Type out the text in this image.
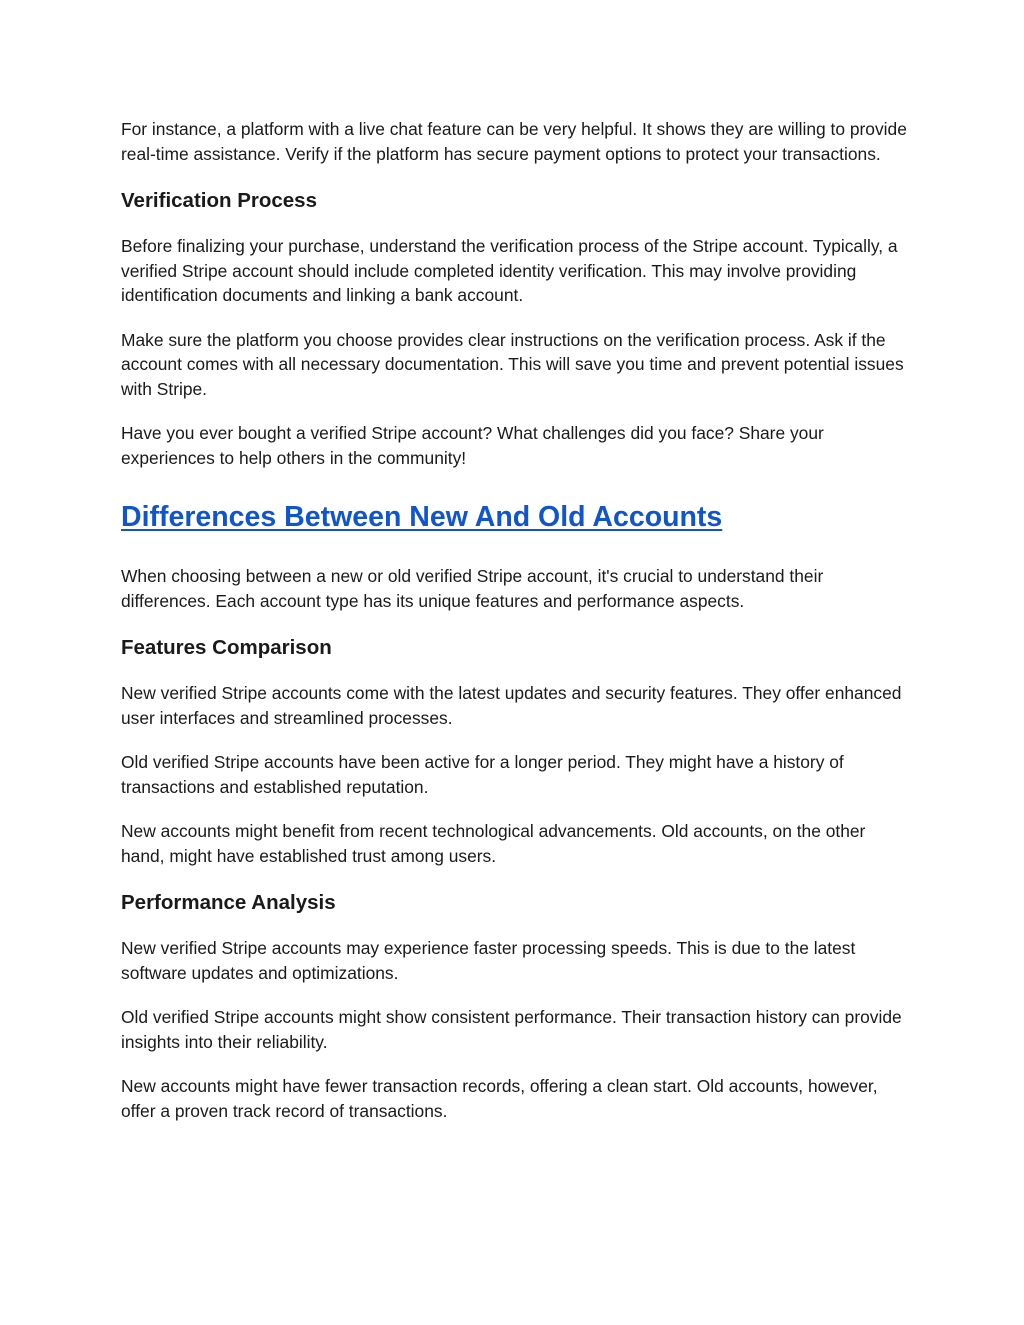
For instance, a platform with a live chat feature can be very helpful. It shows they are willing to provide real-time assistance. Verify if the platform has secure payment options to protect your transactions.

Verification Process

Before finalizing your purchase, understand the verification process of the Stripe account. Typically, a verified Stripe account should include completed identity verification. This may involve providing identification documents and linking a bank account.

Make sure the platform you choose provides clear instructions on the verification process. Ask if the account comes with all necessary documentation. This will save you time and prevent potential issues with Stripe.

Have you ever bought a verified Stripe account? What challenges did you face? Share your experiences to help others in the community!

Differences Between New And Old Accounts

When choosing between a new or old verified Stripe account, it's crucial to understand their differences. Each account type has its unique features and performance aspects.

Features Comparison

New verified Stripe accounts come with the latest updates and security features. They offer enhanced user interfaces and streamlined processes.

Old verified Stripe accounts have been active for a longer period. They might have a history of transactions and established reputation.

New accounts might benefit from recent technological advancements. Old accounts, on the other hand, might have established trust among users.

Performance Analysis

New verified Stripe accounts may experience faster processing speeds. This is due to the latest software updates and optimizations.

Old verified Stripe accounts might show consistent performance. Their transaction history can provide insights into their reliability.

New accounts might have fewer transaction records, offering a clean start. Old accounts, however, offer a proven track record of transactions.
